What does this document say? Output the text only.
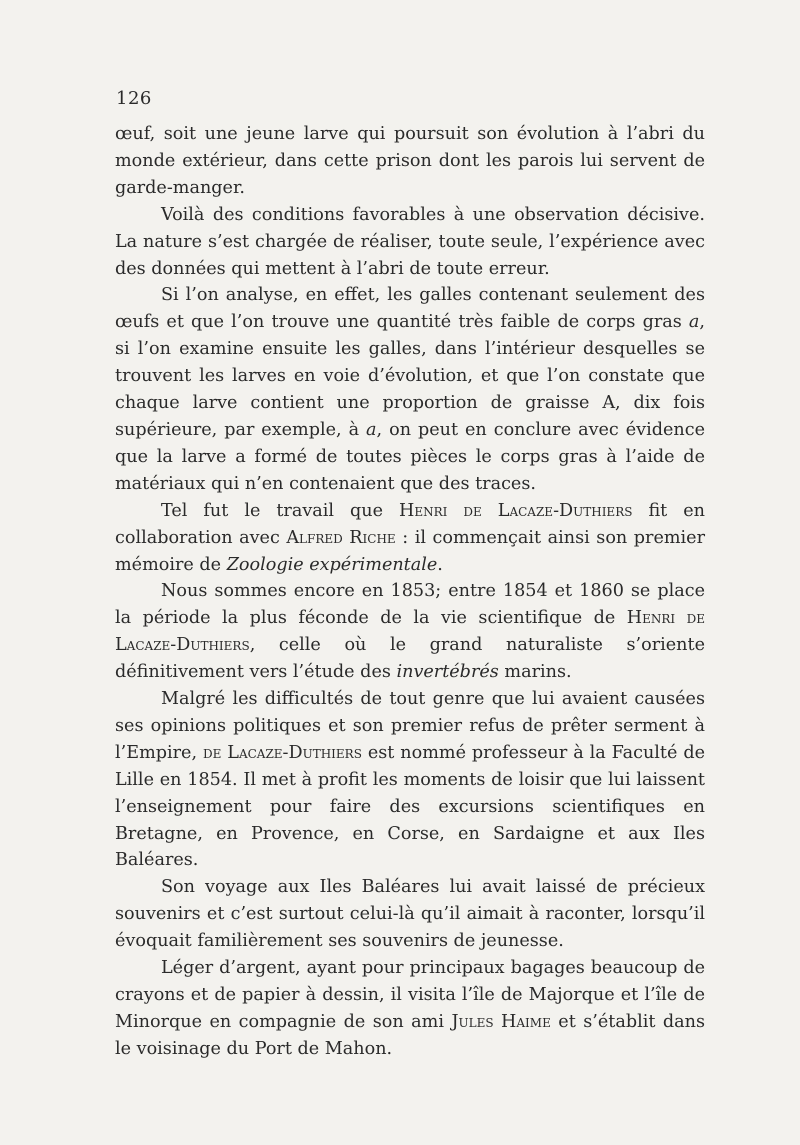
126

œuf, soit une jeune larve qui poursuit son évolution à l’abri du monde extérieur, dans cette prison dont les parois lui servent de garde-manger.

Voilà des conditions favorables à une observation décisive. La nature s’est chargée de réaliser, toute seule, l’expérience avec des données qui mettent à l’abri de toute erreur.

Si l’on analyse, en effet, les galles contenant seulement des œufs et que l’on trouve une quantité très faible de corps gras a, si l’on examine ensuite les galles, dans l’intérieur desquelles se trouvent les larves en voie d’évolution, et que l’on constate que chaque larve contient une proportion de graisse A, dix fois supérieure, par exemple, à a, on peut en conclure avec évidence que la larve a formé de toutes pièces le corps gras à l’aide de matériaux qui n’en contenaient que des traces.

Tel fut le travail que Henri de Lacaze-Duthiers fit en collaboration avec Alfred Riche : il commençait ainsi son premier mémoire de Zoologie expérimentale.

Nous sommes encore en 1853; entre 1854 et 1860 se place la période la plus féconde de la vie scientifique de Henri de Lacaze-Duthiers, celle où le grand naturaliste s’oriente définitivement vers l’étude des invertébrés marins.

Malgré les difficultés de tout genre que lui avaient causées ses opinions politiques et son premier refus de prêter serment à l’Empire, de Lacaze-Duthiers est nommé professeur à la Faculté de Lille en 1854. Il met à profit les moments de loisir que lui laissent l’enseignement pour faire des excursions scientifiques en Bretagne, en Provence, en Corse, en Sardaigne et aux Iles Baléares.

Son voyage aux Iles Baléares lui avait laissé de précieux souvenirs et c’est surtout celui-là qu’il aimait à raconter, lorsqu’il évoquait familièrement ses souvenirs de jeunesse.

Léger d’argent, ayant pour principaux bagages beaucoup de crayons et de papier à dessin, il visita l’île de Majorque et l’île de Minorque en compagnie de son ami Jules Haime et s’établit dans le voisinage du Port de Mahon.
